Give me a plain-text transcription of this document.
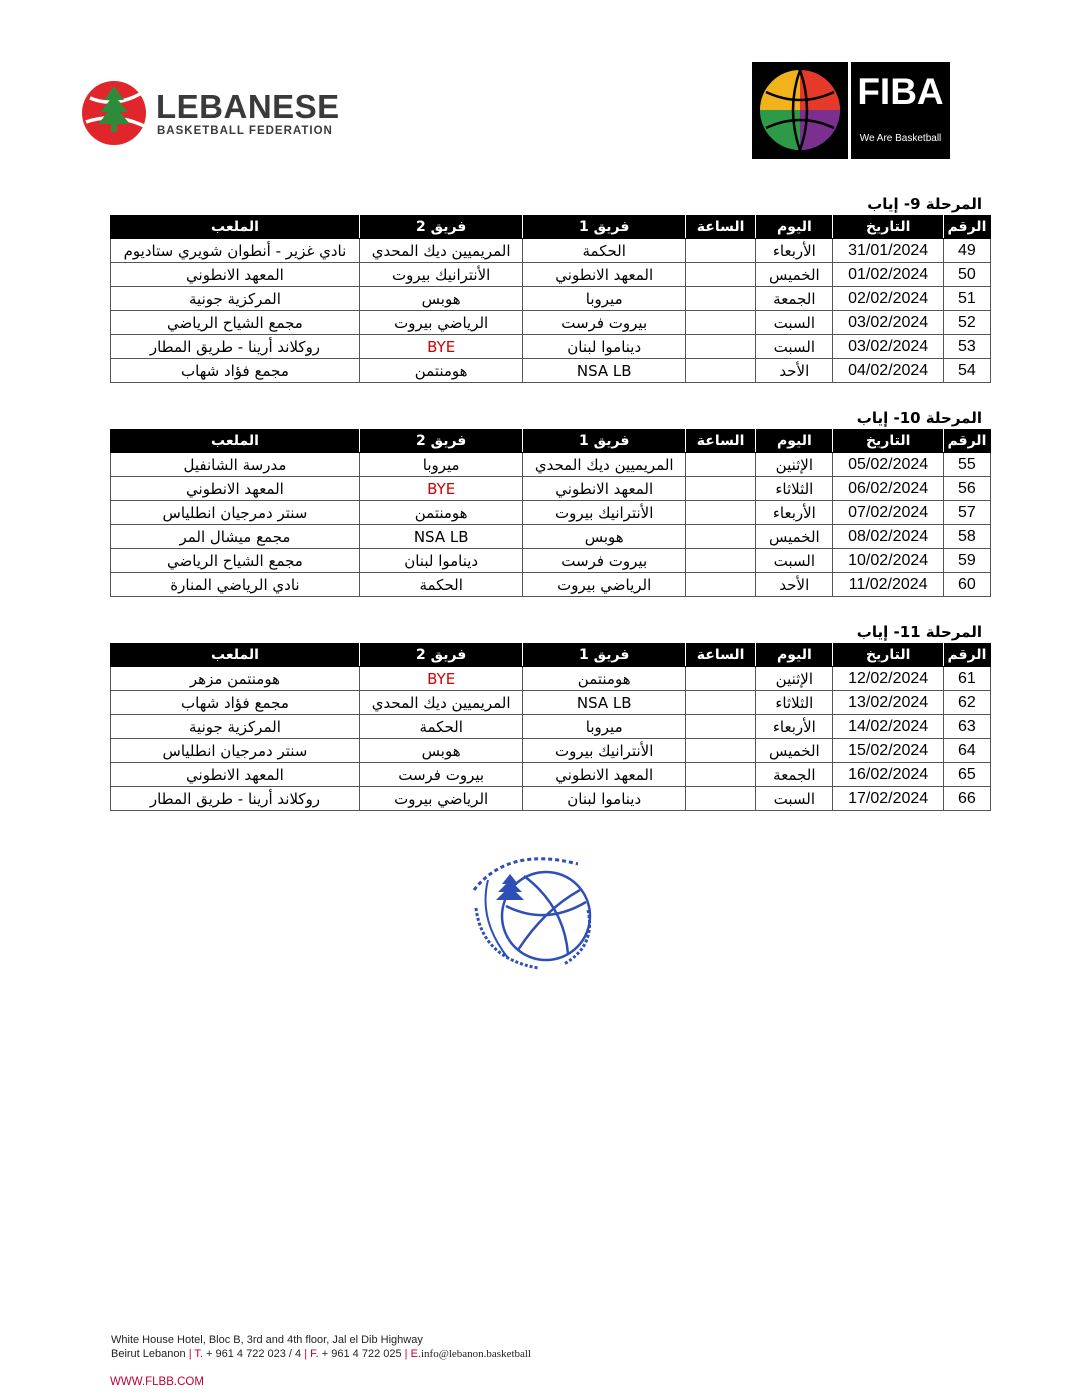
LEBANESE
BASKETBALL FEDERATION
FIBA
We Are Basketball
المرحلة 9- إياب
الرقم	التاريخ	اليوم	الساعة	فريق 1	فريق 2	الملعب
49	31/01/2024	الأربعاء		الحكمة	المريميين ديك المحدي	نادي غزير - أنطوان شويري ستاديوم
50	01/02/2024	الخميس		المعهد الانطوني	الأنترانيك بيروت	المعهد الانطوني
51	02/02/2024	الجمعة		ميروبا	هوبس	المركزية جونية
52	03/02/2024	السبت		بيروت فرست	الرياضي بيروت	مجمع الشياح الرياضي
53	03/02/2024	السبت		ديناموا لبنان	BYE	روكلاند أرينا - طريق المطار
54	04/02/2024	الأحد		NSA LB	هومنتمن	مجمع فؤاد شهاب
المرحلة 10- إياب
الرقم	التاريخ	اليوم	الساعة	فريق 1	فريق 2	الملعب
55	05/02/2024	الإثنين		المريميين ديك المحدي	ميروبا	مدرسة الشانفيل
56	06/02/2024	الثلاثاء		المعهد الانطوني	BYE	المعهد الانطوني
57	07/02/2024	الأربعاء		الأنترانيك بيروت	هومنتمن	سنتر دمرجيان انطلياس
58	08/02/2024	الخميس		هوبس	NSA LB	مجمع ميشال المر
59	10/02/2024	السبت		بيروت فرست	ديناموا لبنان	مجمع الشياح الرياضي
60	11/02/2024	الأحد		الرياضي بيروت	الحكمة	نادي الرياضي المنارة
المرحلة 11- إياب
الرقم	التاريخ	اليوم	الساعة	فريق 1	فريق 2	الملعب
61	12/02/2024	الإثنين		هومنتمن	BYE	هومنتمن مزهر
62	13/02/2024	الثلاثاء		NSA LB	المريميين ديك المحدي	مجمع فؤاد شهاب
63	14/02/2024	الأربعاء		ميروبا	الحكمة	المركزية جونية
64	15/02/2024	الخميس		الأنترانيك بيروت	هوبس	سنتر دمرجيان انطلياس
65	16/02/2024	الجمعة		المعهد الانطوني	بيروت فرست	المعهد الانطوني
66	17/02/2024	السبت		ديناموا لبنان	الرياضي بيروت	روكلاند أرينا - طريق المطار
White House Hotel, Bloc B, 3rd and 4th floor, Jal el Dib Highway
Beirut Lebanon | T. + 961 4 722 023 / 4 | F. + 961 4 722 025 | E.info@lebanon.basketball
WWW.FLBB.COM
